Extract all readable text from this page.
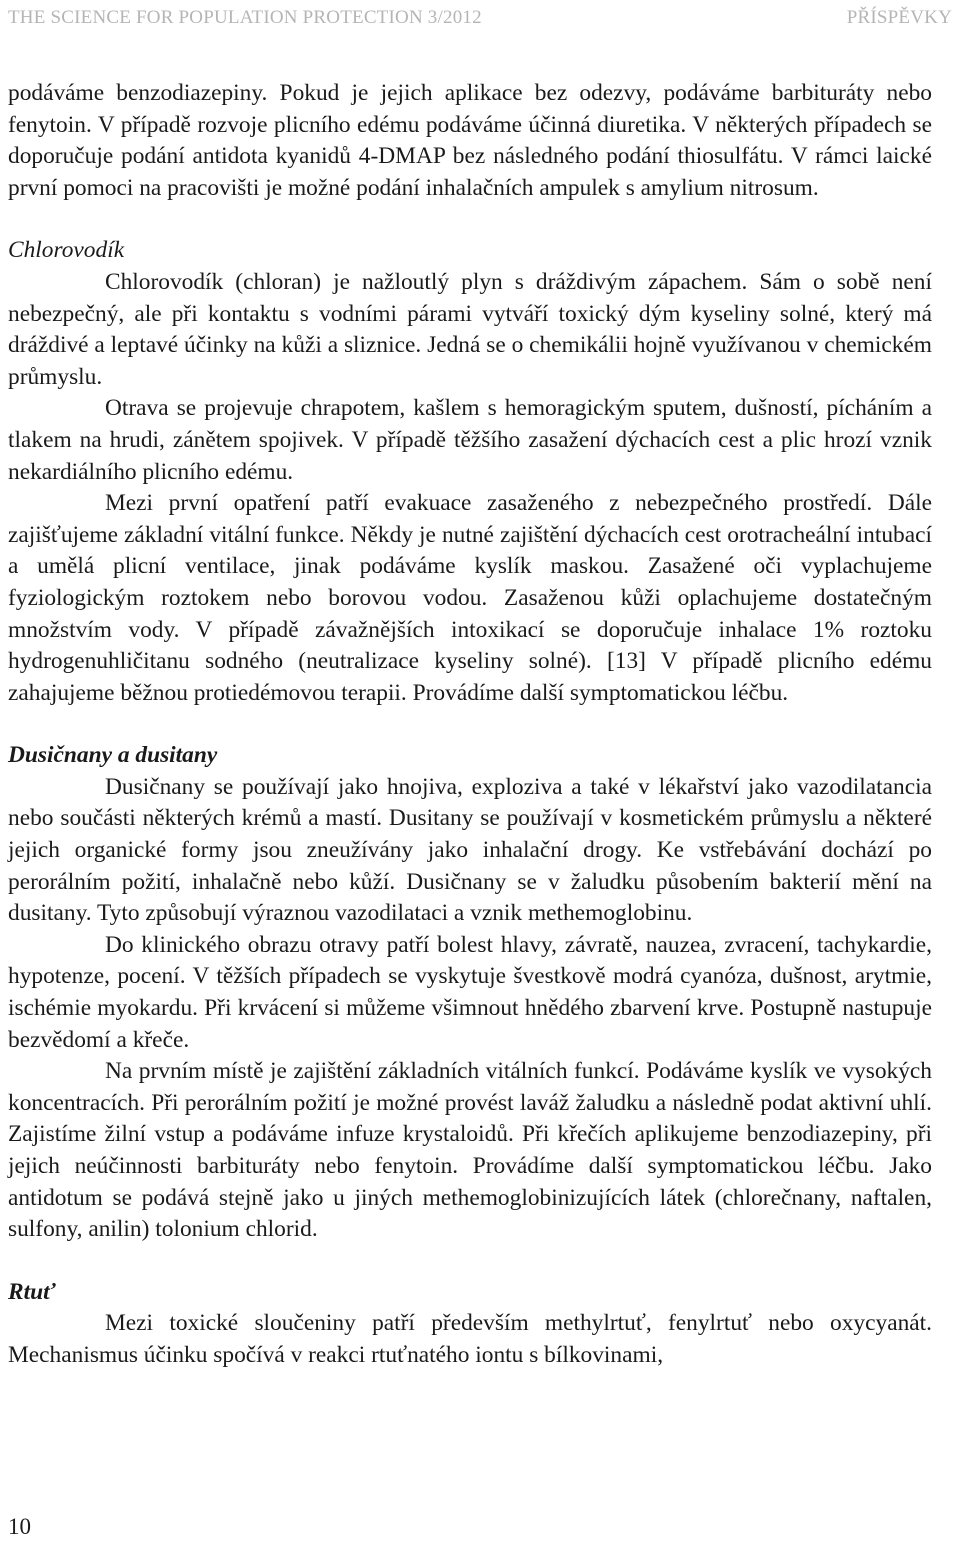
THE SCIENCE FOR POPULATION PROTECTION 3/2012	PŘÍSPĚVKY

podáváme benzodiazepiny. Pokud je jejich aplikace bez odezvy, podáváme barbituráty nebo fenytoin. V případě rozvoje plicního edému podáváme účinná diuretika. V některých případech se doporučuje podání antidota kyanidů 4-DMAP bez následného podání thiosulfátu. V rámci laické první pomoci na pracovišti je možné podání inhalačních ampulek s amylium nitrosum.

Chlorovodík

Chlorovodík (chloran) je nažloutlý plyn s dráždivým zápachem. Sám o sobě není nebezpečný, ale při kontaktu s vodními párami vytváří toxický dým kyseliny solné, který má dráždivé a leptavé účinky na kůži a sliznice. Jedná se o chemikálii hojně využívanou v chemickém průmyslu.

Otrava se projevuje chrapotem, kašlem s hemoragickým sputem, dušností, pícháním a tlakem na hrudi, zánětem spojivek. V případě těžšího zasažení dýchacích cest a plic hrozí vznik nekardiálního plicního edému.

Mezi první opatření patří evakuace zasaženého z nebezpečného prostředí. Dále zajišťujeme základní vitální funkce. Někdy je nutné zajištění dýchacích cest orotracheální intubací a umělá plicní ventilace, jinak podáváme kyslík maskou. Zasažené oči vyplachujeme fyziologickým roztokem nebo borovou vodou. Zasaženou kůži oplachujeme dostatečným množstvím vody. V případě závažnějších intoxikací se doporučuje inhalace 1% roztoku hydrogenuhličitanu sodného (neutralizace kyseliny solné). [13] V případě plicního edému zahajujeme běžnou protiedémovou terapii. Provádíme další symptomatickou léčbu.

Dusičnany a dusitany

Dusičnany se používají jako hnojiva, exploziva a také v lékařství jako vazodilatancia nebo součásti některých krémů a mastí. Dusitany se používají v kosmetickém průmyslu a některé jejich organické formy jsou zneužívány jako inhalační drogy. Ke vstřebávání dochází po perorálním požití, inhalačně nebo kůží. Dusičnany se v žaludku působením bakterií mění na dusitany. Tyto způsobují výraznou vazodilataci a vznik methemoglobinu.

Do klinického obrazu otravy patří bolest hlavy, závratě, nauzea, zvracení, tachykardie, hypotenze, pocení. V těžších případech se vyskytuje švestkově modrá cyanóza, dušnost, arytmie, ischémie myokardu. Při krvácení si můžeme všimnout hnědého zbarvení krve. Postupně nastupuje bezvědomí a křeče.

Na prvním místě je zajištění základních vitálních funkcí. Podáváme kyslík ve vysokých koncentracích. Při perorálním požití je možné provést laváž žaludku a následně podat aktivní uhlí. Zajistíme žilní vstup a podáváme infuze krystaloidů. Při křečích aplikujeme benzodiazepiny, při jejich neúčinnosti barbituráty nebo fenytoin. Provádíme další symptomatickou léčbu. Jako antidotum se podává stejně jako u jiných methemoglobinizujících látek (chlorečnany, naftalen, sulfony, anilin) tolonium chlorid.

Rtuť

Mezi toxické sloučeniny patří především methylrtuť, fenylrtuť nebo oxycyanát. Mechanismus účinku spočívá v reakci rtuťnatého iontu s bílkovinami,

10
